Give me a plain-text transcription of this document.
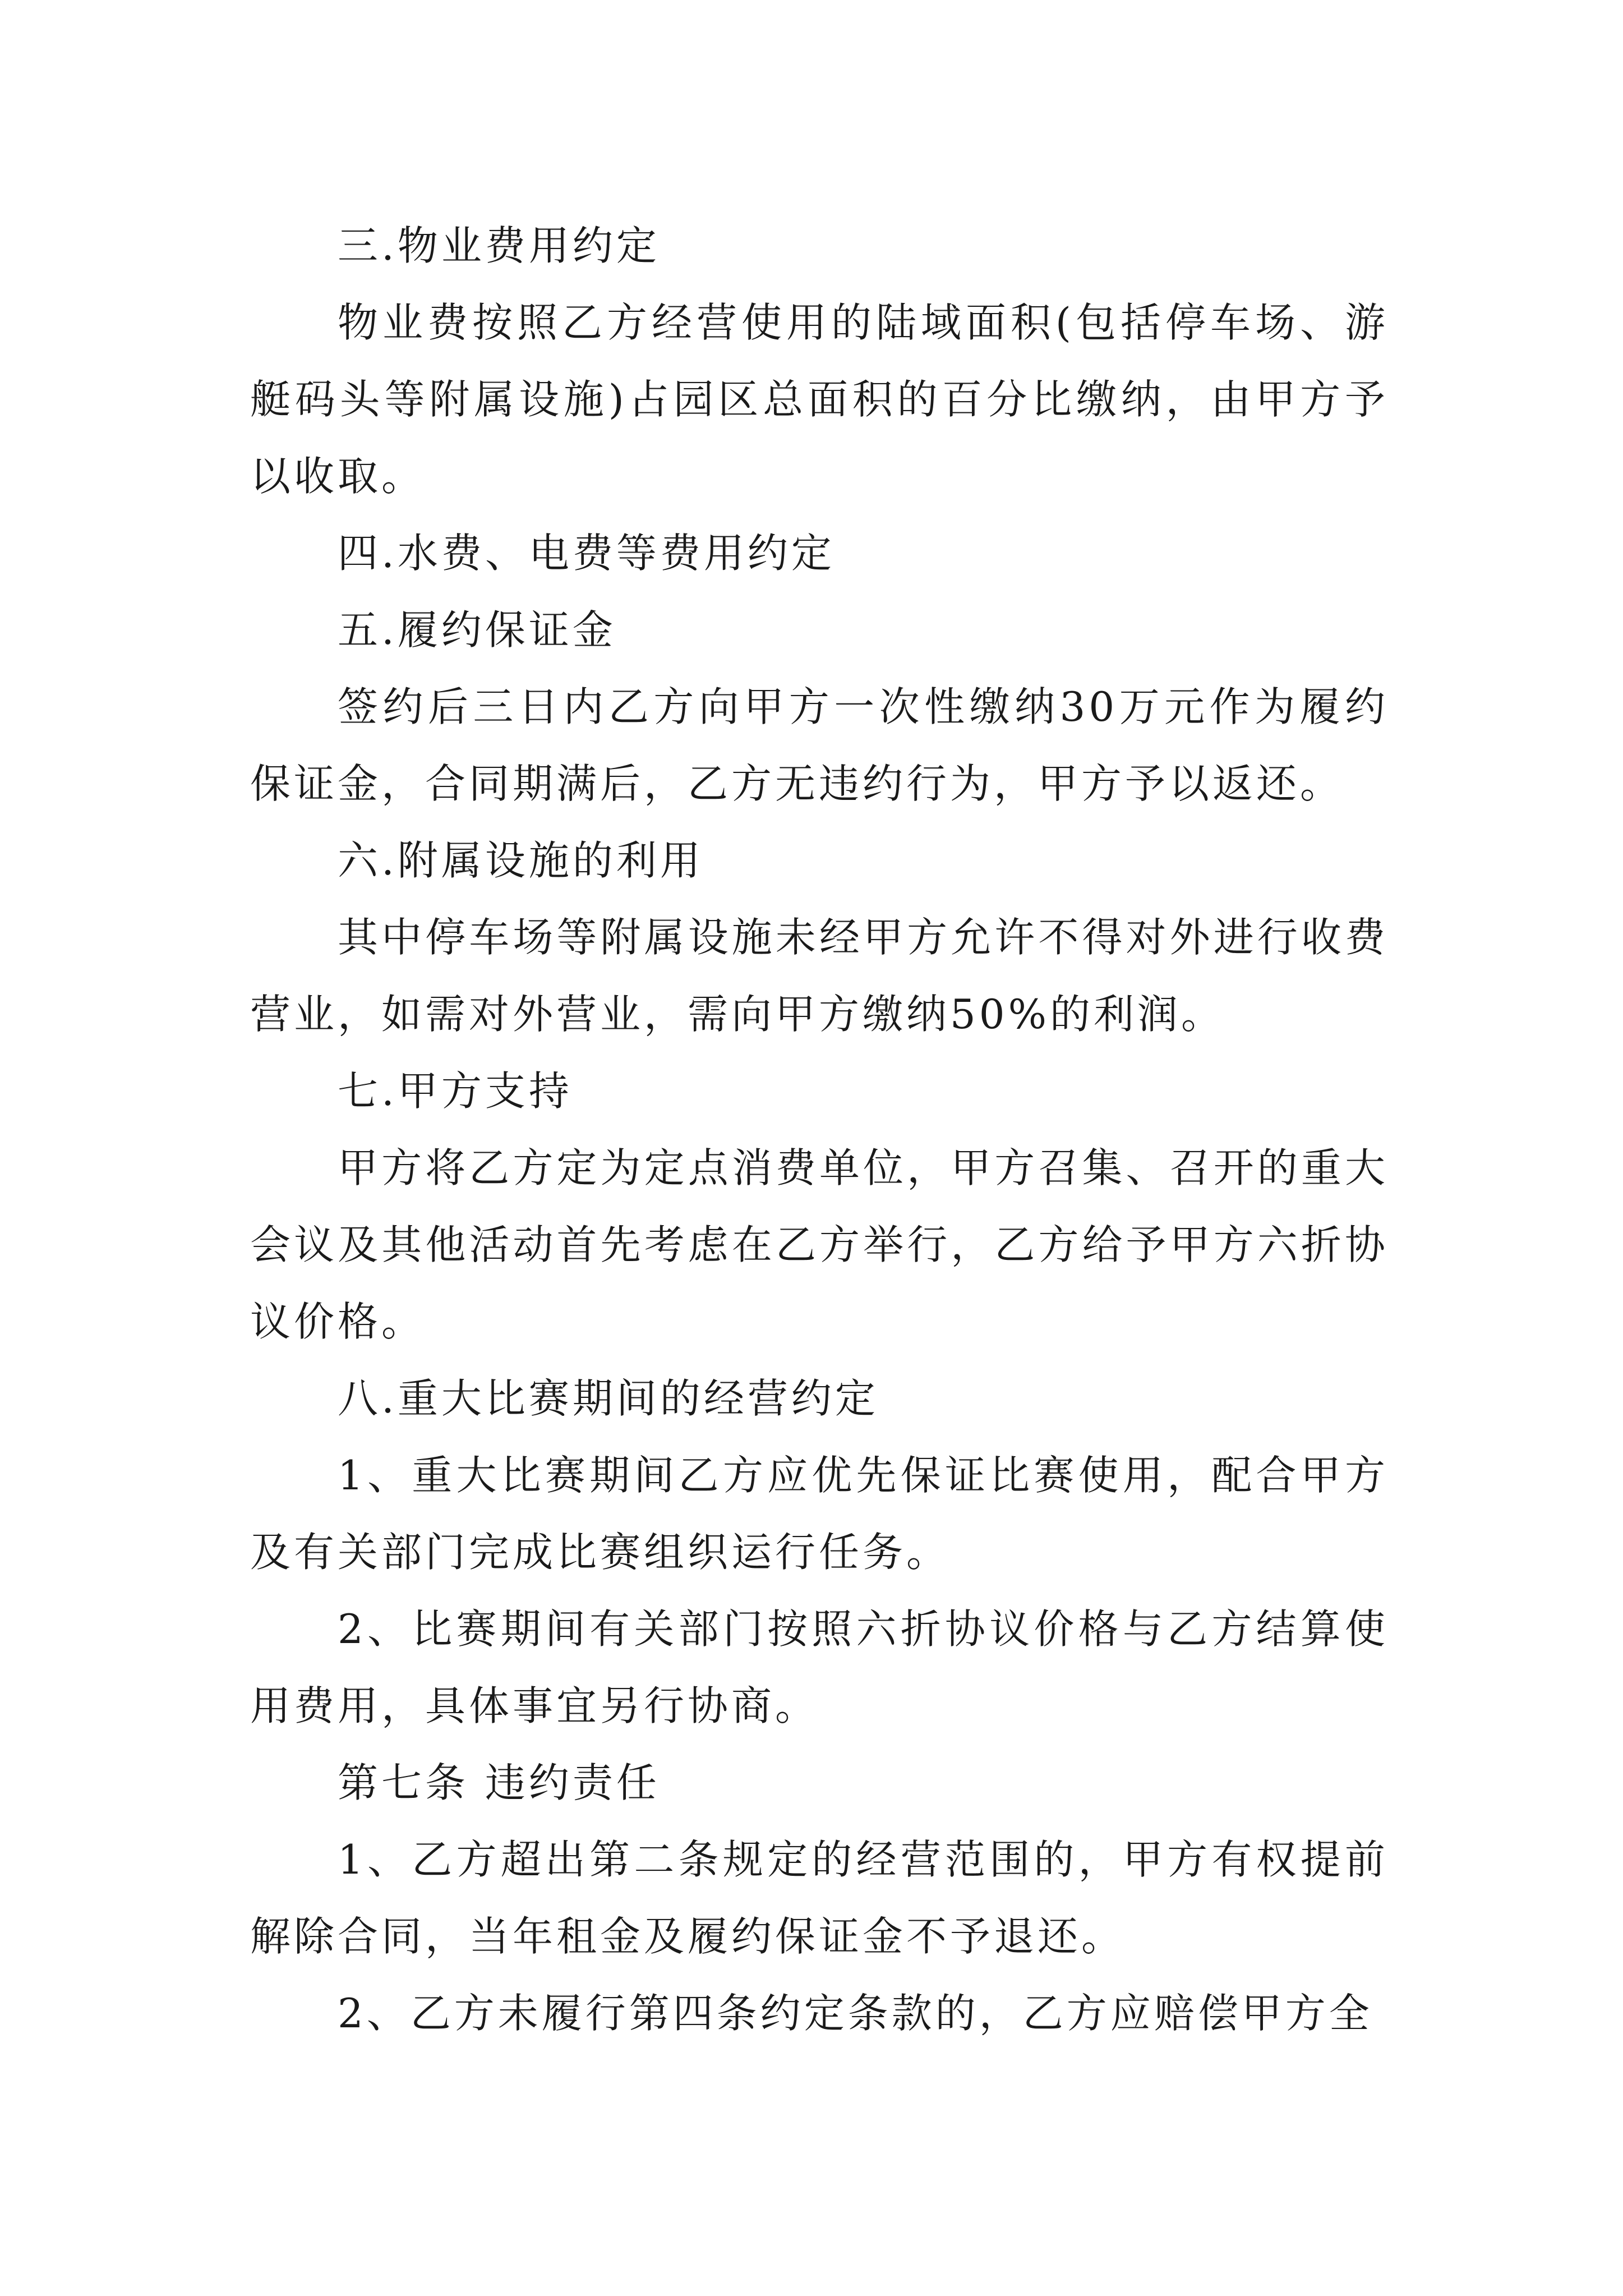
三.物业费用约定

物业费按照乙方经营使用的陆域面积(包括停车场、游艇码头等附属设施)占园区总面积的百分比缴纳，由甲方予以收取。

四.水费、电费等费用约定

五.履约保证金

签约后三日内乙方向甲方一次性缴纳30万元作为履约保证金，合同期满后，乙方无违约行为，甲方予以返还。

六.附属设施的利用

其中停车场等附属设施未经甲方允许不得对外进行收费营业，如需对外营业，需向甲方缴纳50%的利润。

七.甲方支持

甲方将乙方定为定点消费单位，甲方召集、召开的重大会议及其他活动首先考虑在乙方举行，乙方给予甲方六折协议价格。

八.重大比赛期间的经营约定

1、重大比赛期间乙方应优先保证比赛使用，配合甲方及有关部门完成比赛组织运行任务。

2、比赛期间有关部门按照六折协议价格与乙方结算使用费用，具体事宜另行协商。

第七条 违约责任

1、乙方超出第二条规定的经营范围的，甲方有权提前解除合同，当年租金及履约保证金不予退还。

2、乙方未履行第四条约定条款的，乙方应赔偿甲方全
